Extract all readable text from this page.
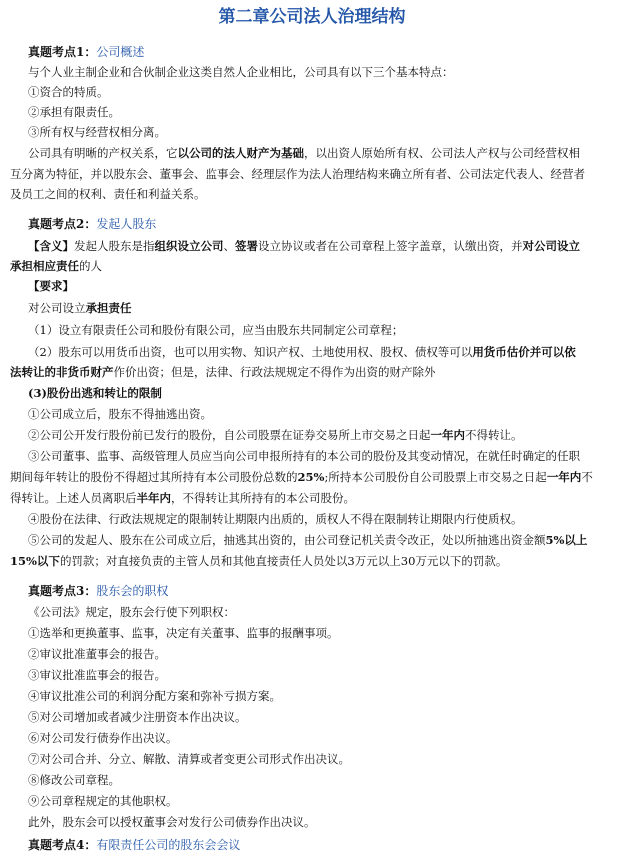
第二章公司法人治理结构
真题考点1：公司概述
与个人业主制企业和合伙制企业这类自然人企业相比，公司具有以下三个基本特点：
①资合的特质。
②承担有限责任。
③所有权与经营权相分离。
公司具有明晰的产权关系，它以公司的法人财产为基础，以出资人原始所有权、公司法人产权与公司经营权相
互分离为特征，并以股东会、董事会、监事会、经理层作为法人治理结构来确立所有者、公司法定代表人、经营者
及员工之间的权利、责任和利益关系。
真题考点2：发起人股东
【含义】发起人股东是指组织设立公司、签署设立协议或者在公司章程上签字盖章，认缴出资，并对公司设立
承担相应责任的人
【要求】
对公司设立承担责任
（1）设立有限责任公司和股份有限公司，应当由股东共同制定公司章程；
（2）股东可以用货币出资，也可以用实物、知识产权、土地使用权、股权、债权等可以用货币估价并可以依
法转让的非货币财产作价出资；但是，法律、行政法规规定不得作为出资的财产除外
(3)股份出逃和转让的限制
①公司成立后，股东不得抽逃出资。
②公司公开发行股份前已发行的股份，自公司股票在证券交易所上市交易之日起一年内不得转让。
③公司董事、监事、高级管理人员应当向公司申报所持有的本公司的股份及其变动情况，在就任时确定的任职
期间每年转让的股份不得超过其所持有本公司股份总数的25%;所持本公司股份自公司股票上市交易之日起一年内不
得转让。上述人员离职后半年内，不得转让其所持有的本公司股份。
④股份在法律、行政法规规定的限制转让期限内出质的，质权人不得在限制转让期限内行使质权。
⑤公司的发起人、股东在公司成立后，抽逃其出资的，由公司登记机关责令改正，处以所抽逃出资金额5%以上
15%以下的罚款；对直接负责的主管人员和其他直接责任人员处以3万元以上30万元以下的罚款。
真题考点3：股东会的职权
《公司法》规定，股东会行使下列职权：
①选举和更换董事、监事，决定有关董事、监事的报酬事项。
②审议批准董事会的报告。
③审议批准监事会的报告。
④审议批准公司的利润分配方案和弥补亏损方案。
⑤对公司增加或者减少注册资本作出决议。
⑥对公司发行债券作出决议。
⑦对公司合并、分立、解散、清算或者变更公司形式作出决议。
⑧修改公司章程。
⑨公司章程规定的其他职权。
此外，股东会可以授权董事会对发行公司债券作出决议。
真题考点4：有限责任公司的股东会会议
